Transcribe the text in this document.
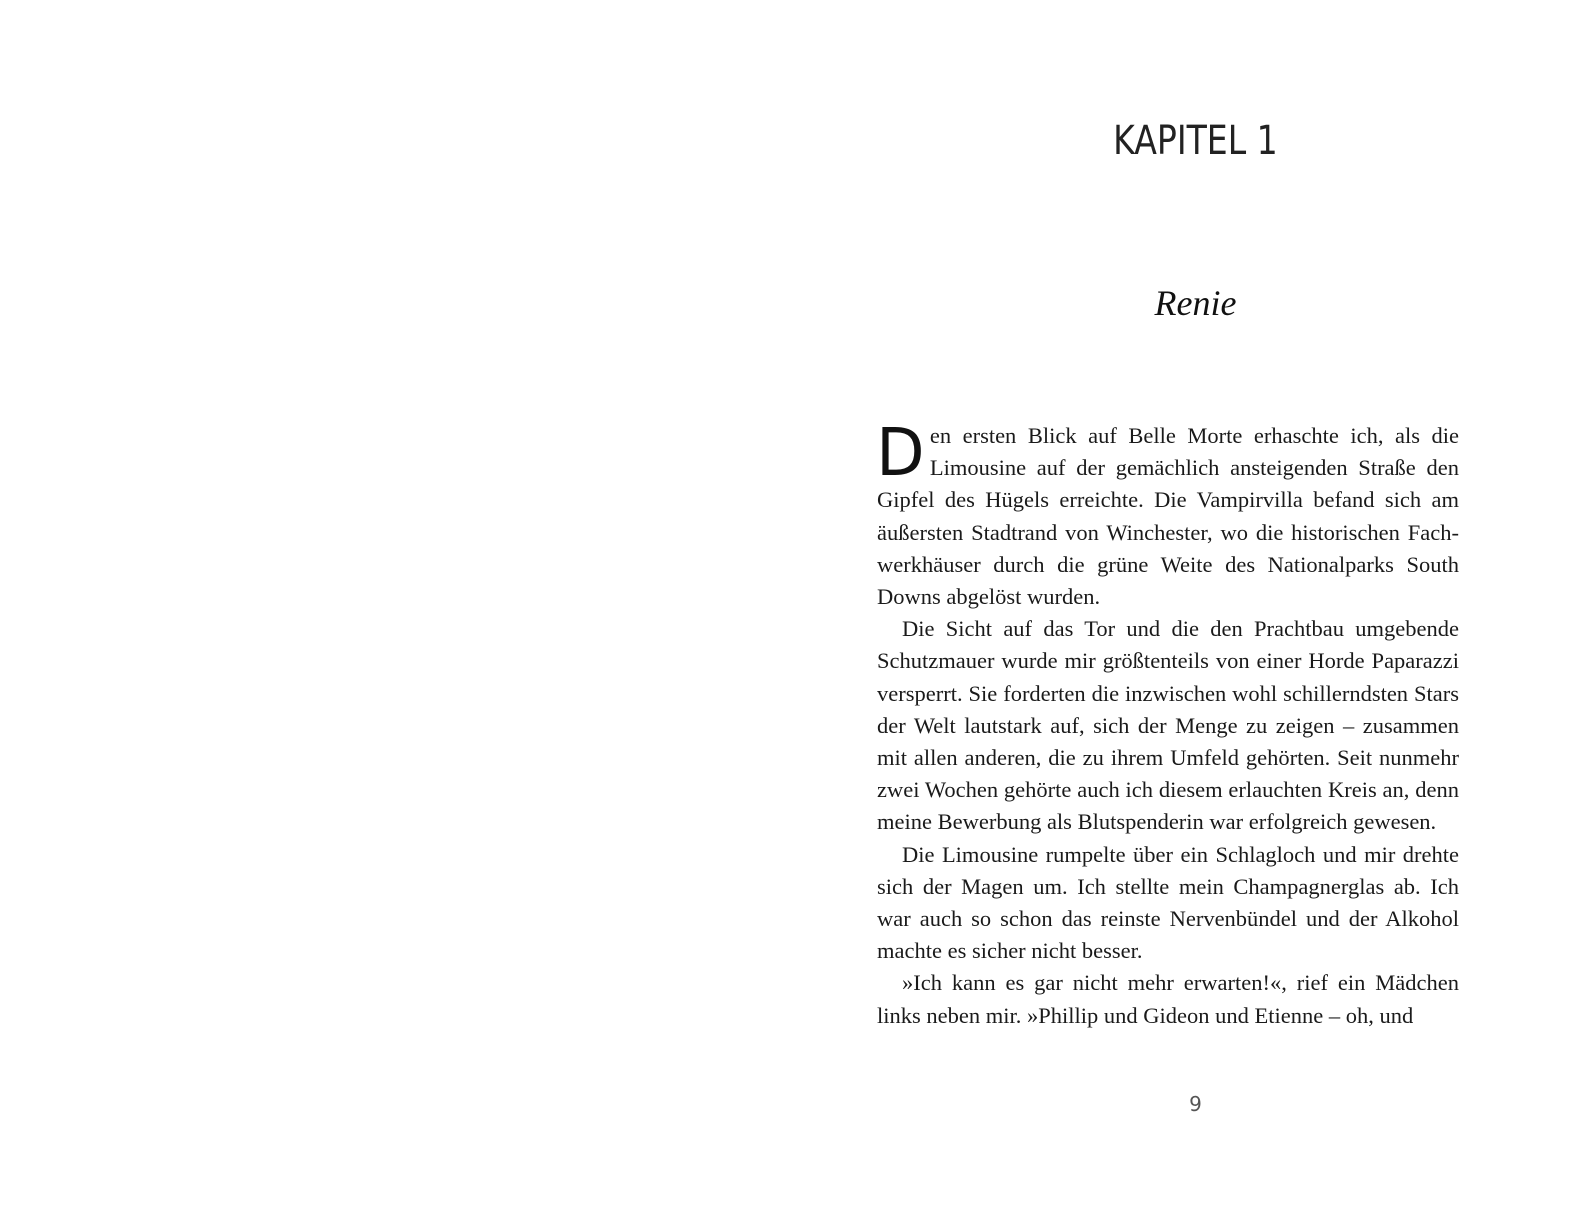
KAPITEL 1
Renie

Den ersten Blick auf Belle Morte erhaschte ich, als die Limousine auf der gemächlich ansteigenden Straße den Gipfel des Hügels erreichte. Die Vampirvilla befand sich am äußersten Stadtrand von Winchester, wo die historischen Fachwerkhäuser durch die grüne Weite des Nationalparks South Downs abgelöst wurden.

Die Sicht auf das Tor und die den Prachtbau umgebende Schutzmauer wurde mir größtenteils von einer Horde Paparazzi versperrt. Sie forderten die inzwischen wohl schillerndsten Stars der Welt lautstark auf, sich der Menge zu zeigen – zusammen mit allen anderen, die zu ihrem Umfeld gehörten. Seit nunmehr zwei Wochen gehörte auch ich diesem erlauchten Kreis an, denn meine Bewerbung als Blutspenderin war erfolgreich gewesen.

Die Limousine rumpelte über ein Schlagloch und mir drehte sich der Magen um. Ich stellte mein Champagnerglas ab. Ich war auch so schon das reinste Nervenbündel und der Alkohol machte es sicher nicht besser.

»Ich kann es gar nicht mehr erwarten!«, rief ein Mädchen links neben mir. »Phillip und Gideon und Etienne – oh, und

9
